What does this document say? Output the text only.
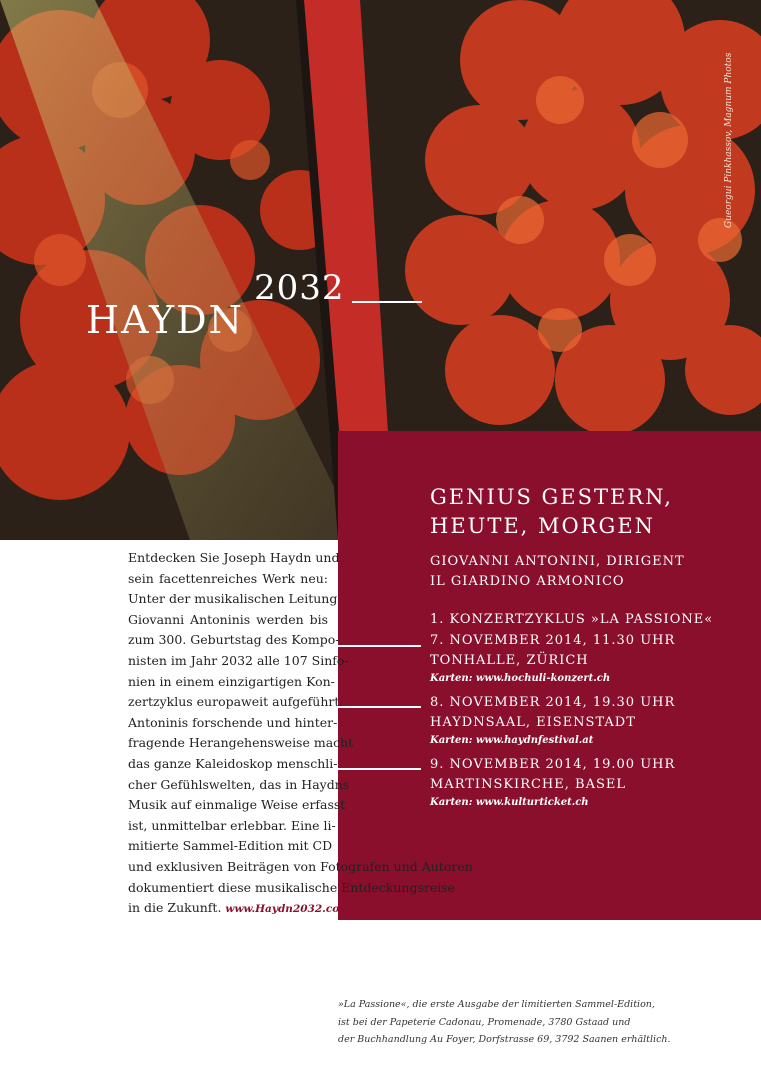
Gueorgui Pinkhassov, Magnum Photos
HAYDN
2032
GENIUS GESTERN,
HEUTE, MORGEN
GIOVANNI ANTONINI, DIRIGENT
IL GIARDINO ARMONICO
1. KONZERTZYKLUS »LA PASSIONE«
7. NOVEMBER 2014, 11.30 UHR
TONHALLE, ZÜRICH
Karten: www.hochuli-konzert.ch
8. NOVEMBER 2014, 19.30 UHR
HAYDNSAAL, EISENSTADT
Karten: www.haydnfestival.at
9. NOVEMBER 2014, 19.00 UHR
MARTINSKIRCHE, BASEL
Karten: www.kulturticket.ch
Entdecken Sie Joseph Haydn und
sein facettenreiches Werk neu:
Unter der musikalischen Leitung
Giovanni Antoninis werden bis
zum 300. Geburtstag des Kompo-
nisten im Jahr 2032 alle 107 Sinfo-
nien in einem einzigartigen Kon-
zertzyklus europaweit aufgeführt.
Antoninis forschende und hinter-
fragende Herangehensweise macht
das ganze Kaleidoskop menschli-
cher Gefühlswelten, das in Haydns
Musik auf einmalige Weise erfasst
ist, unmittelbar erlebbar. Eine li-
mitierte Sammel-Edition mit CD
und exklusiven Beiträgen von Fotografen und Autoren
dokumentiert diese musikalische Entdeckungsreise
in die Zukunft. www.Haydn2032.com
»La Passione«, die erste Ausgabe der limitierten Sammel-Edition,
ist bei der Papeterie Cadonau, Promenade, 3780 Gstaad und
der Buchhandlung Au Foyer, Dorfstrasse 69, 3792 Saanen erhältlich.
